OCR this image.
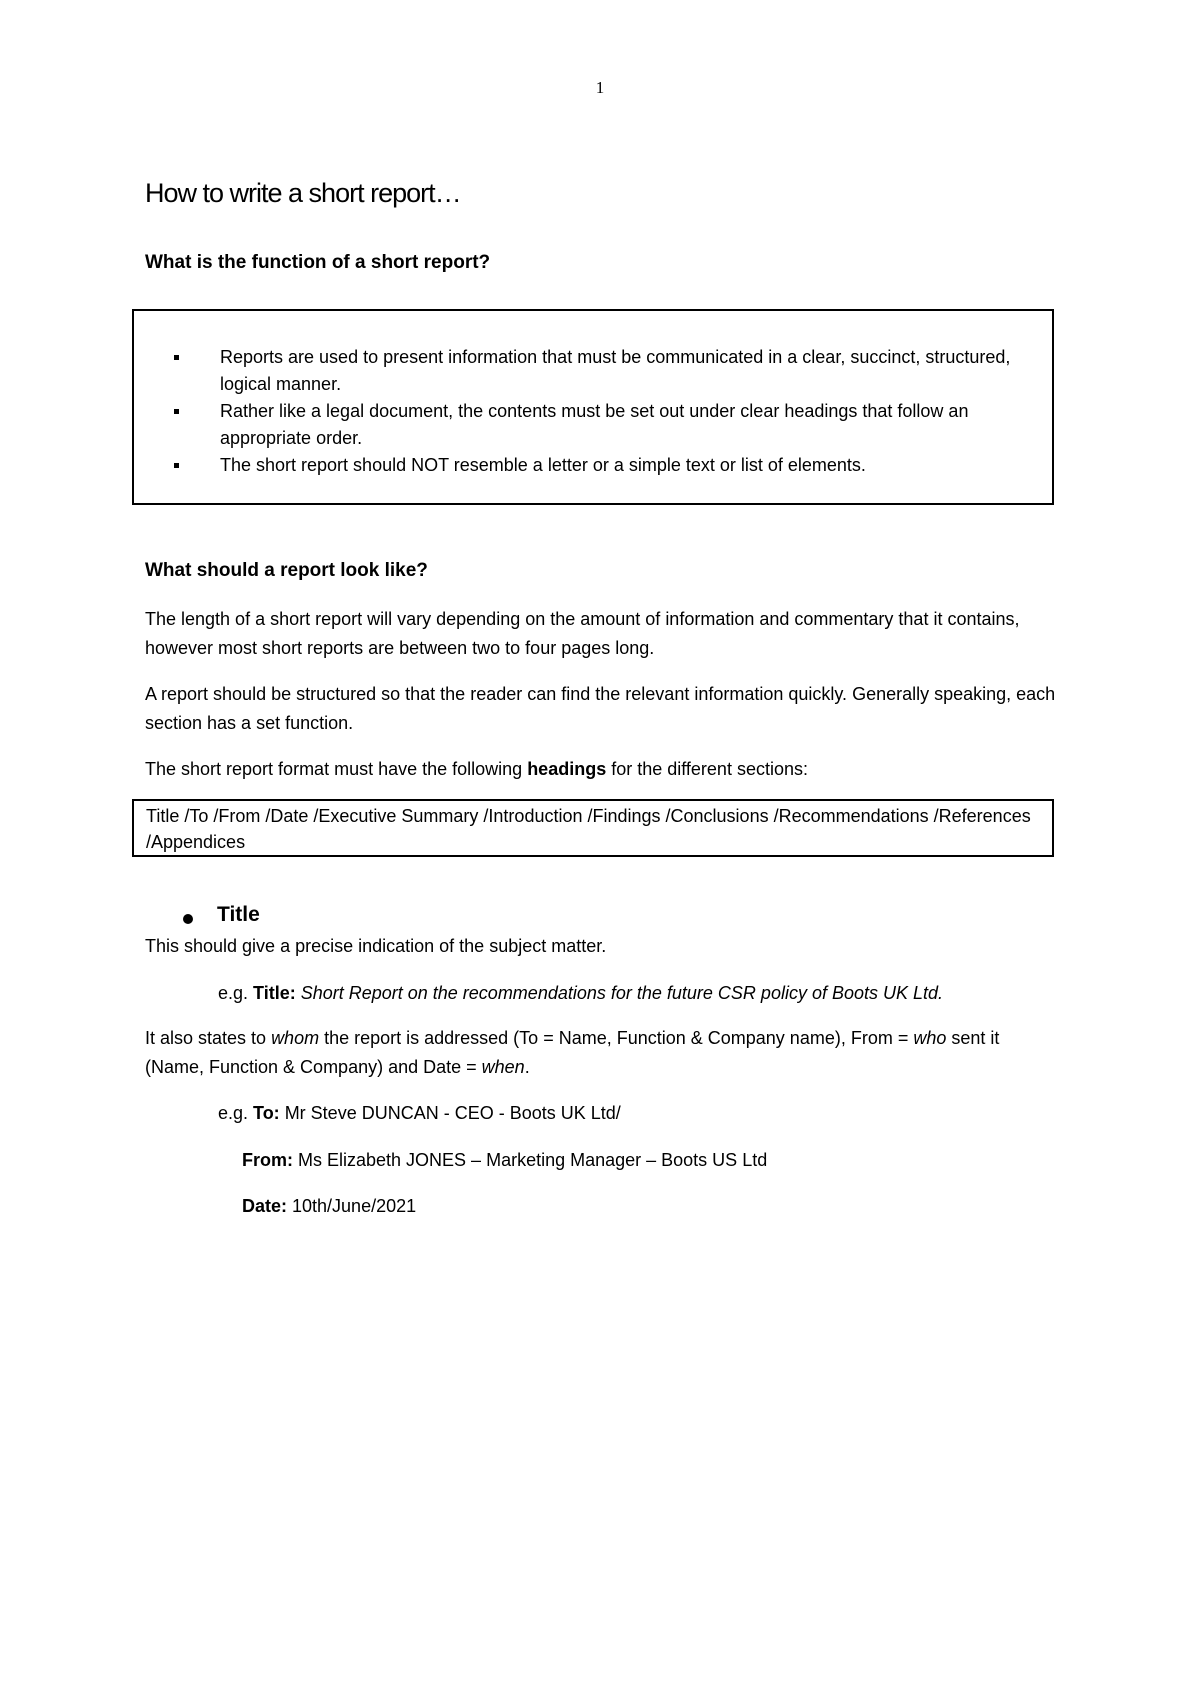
1
How to write a short report…
What is the function of a short report?
Reports are used to present information that must be communicated in a clear, succinct, structured, logical manner.
Rather like a legal document, the contents must be set out under clear headings that follow an appropriate order.
The short report should NOT resemble a letter or a simple text or list of elements.
What should a report look like?

The length of a short report will vary depending on the amount of information and commentary that it contains, however most short reports are between two to four pages long.

A report should be structured so that the reader can find the relevant information quickly. Generally speaking, each section has a set function.

The short report format must have the following headings for the different sections:

Title /To /From /Date /Executive Summary /Introduction /Findings /Conclusions /Recommendations /References /Appendices
Title
This should give a precise indication of the subject matter.
e.g. Title: Short Report on the recommendations for the future CSR policy of Boots UK Ltd.

It also states to whom the report is addressed (To = Name, Function & Company name), From = who sent it (Name, Function & Company) and Date = when.

e.g. To: Mr Steve DUNCAN - CEO - Boots UK Ltd/
From: Ms Elizabeth JONES – Marketing Manager – Boots US Ltd
Date: 10th/June/2021
